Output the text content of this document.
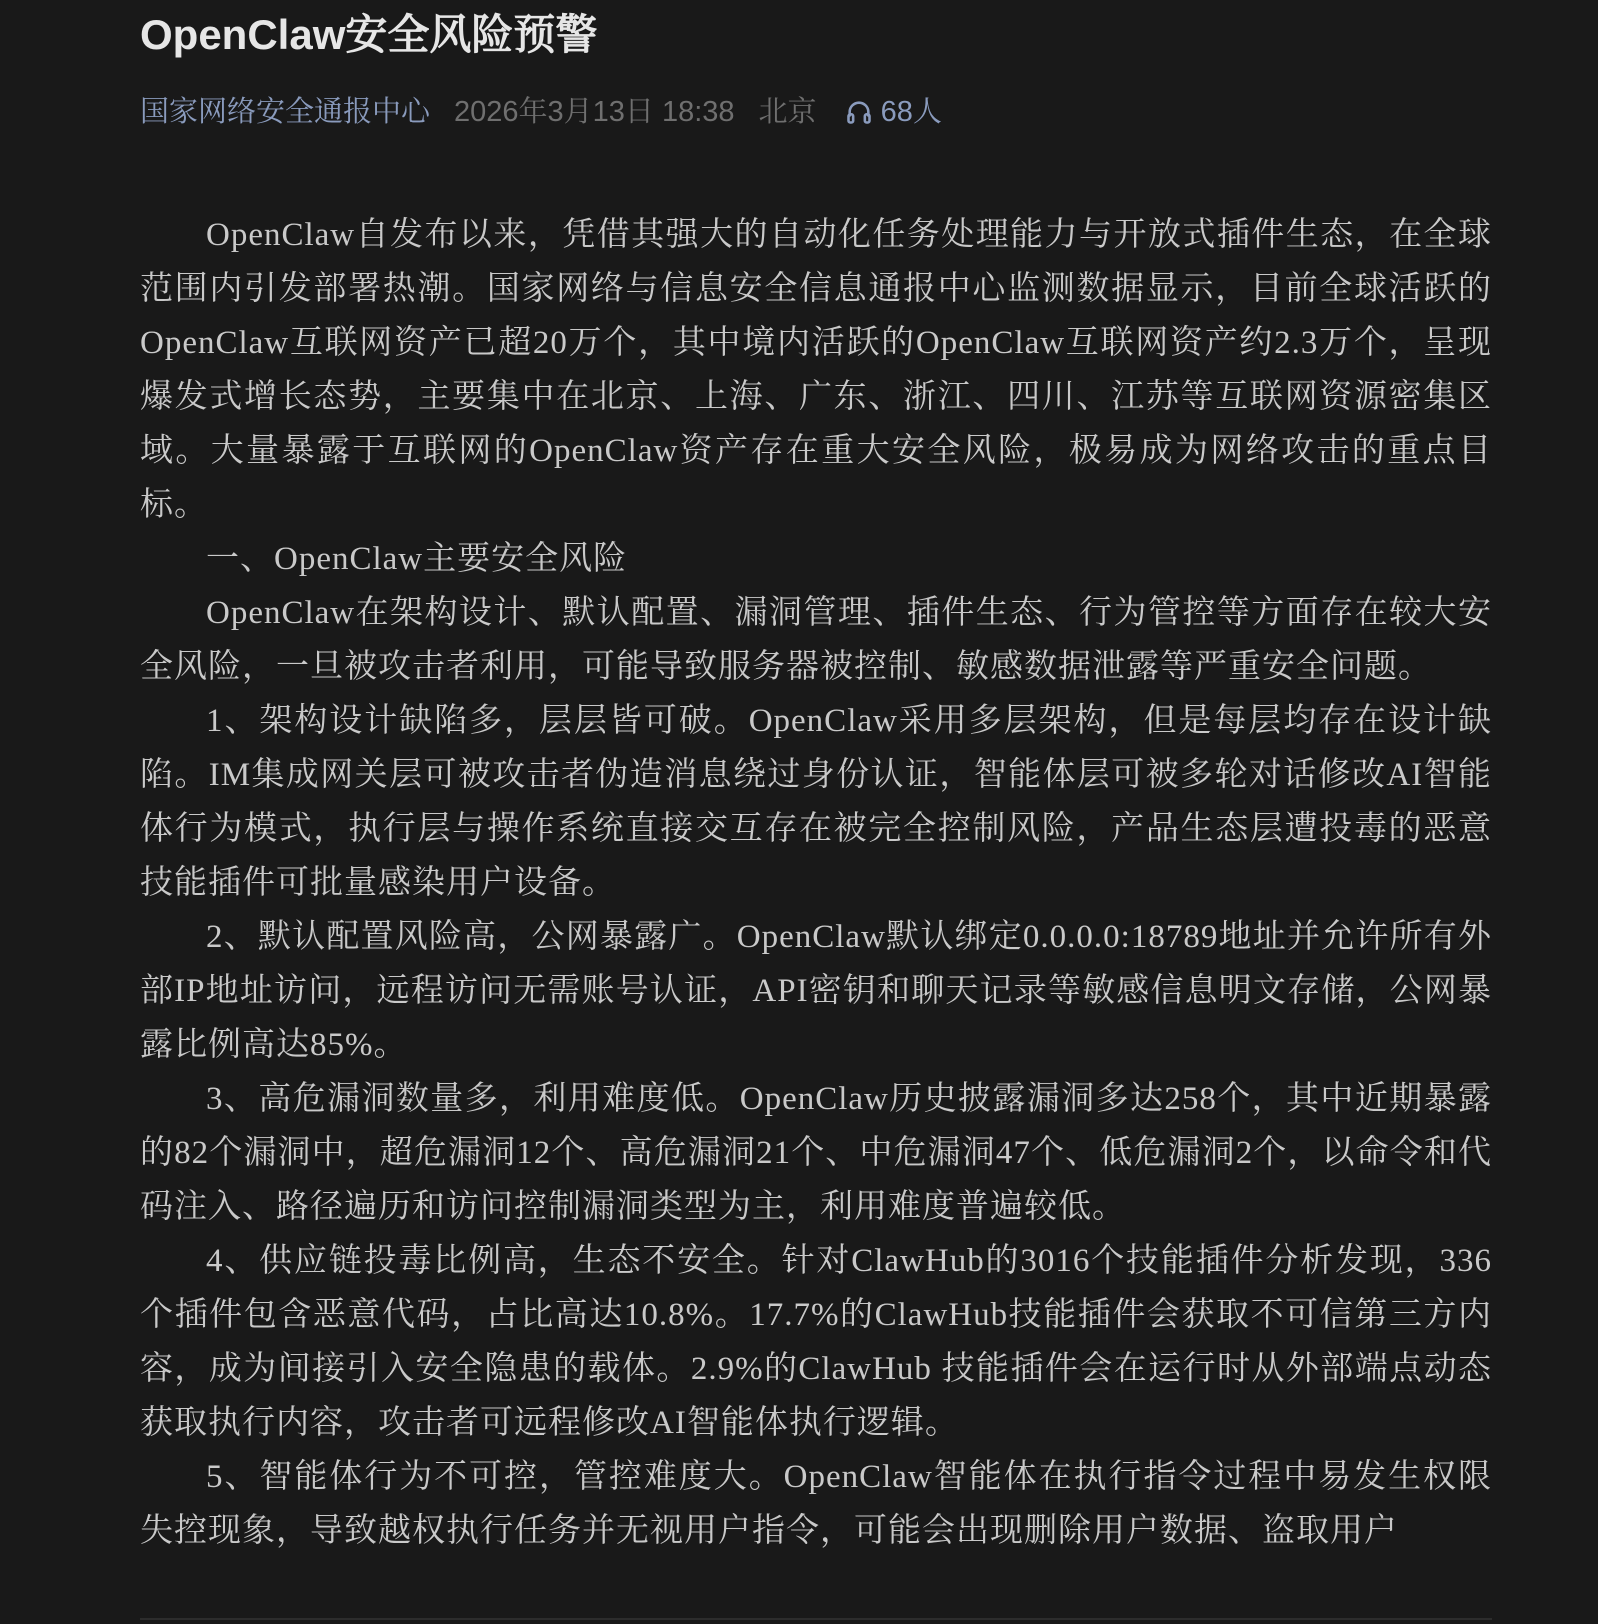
OpenClaw安全风险预警
国家网络安全通报中心 2026年3月13日 18:38 北京 68人

OpenClaw自发布以来，凭借其强大的自动化任务处理能力与开放式插件生态，在全球范围内引发部署热潮。国家网络与信息安全信息通报中心监测数据显示，目前全球活跃的OpenClaw互联网资产已超20万个，其中境内活跃的OpenClaw互联网资产约2.3万个，呈现爆发式增长态势，主要集中在北京、上海、广东、浙江、四川、江苏等互联网资源密集区域。大量暴露于互联网的OpenClaw资产存在重大安全风险，极易成为网络攻击的重点目标。

一、OpenClaw主要安全风险

OpenClaw在架构设计、默认配置、漏洞管理、插件生态、行为管控等方面存在较大安全风险，一旦被攻击者利用，可能导致服务器被控制、敏感数据泄露等严重安全问题。

1、架构设计缺陷多，层层皆可破。OpenClaw采用多层架构，但是每层均存在设计缺陷。IM集成网关层可被攻击者伪造消息绕过身份认证，智能体层可被多轮对话修改AI智能体行为模式，执行层与操作系统直接交互存在被完全控制风险，产品生态层遭投毒的恶意技能插件可批量感染用户设备。

2、默认配置风险高，公网暴露广。OpenClaw默认绑定0.0.0.0:18789地址并允许所有外部IP地址访问，远程访问无需账号认证，API密钥和聊天记录等敏感信息明文存储，公网暴露比例高达85%。

3、高危漏洞数量多，利用难度低。OpenClaw历史披露漏洞多达258个，其中近期暴露的82个漏洞中，超危漏洞12个、高危漏洞21个、中危漏洞47个、低危漏洞2个，以命令和代码注入、路径遍历和访问控制漏洞类型为主，利用难度普遍较低。

4、供应链投毒比例高，生态不安全。针对ClawHub的3016个技能插件分析发现，336个插件包含恶意代码，占比高达10.8%。17.7%的ClawHub技能插件会获取不可信第三方内容，成为间接引入安全隐患的载体。2.9%的ClawHub 技能插件会在运行时从外部端点动态获取执行内容，攻击者可远程修改AI智能体执行逻辑。

5、智能体行为不可控，管控难度大。OpenClaw智能体在执行指令过程中易发生权限失控现象，导致越权执行任务并无视用户指令，可能会出现删除用户数据、盗取用户
